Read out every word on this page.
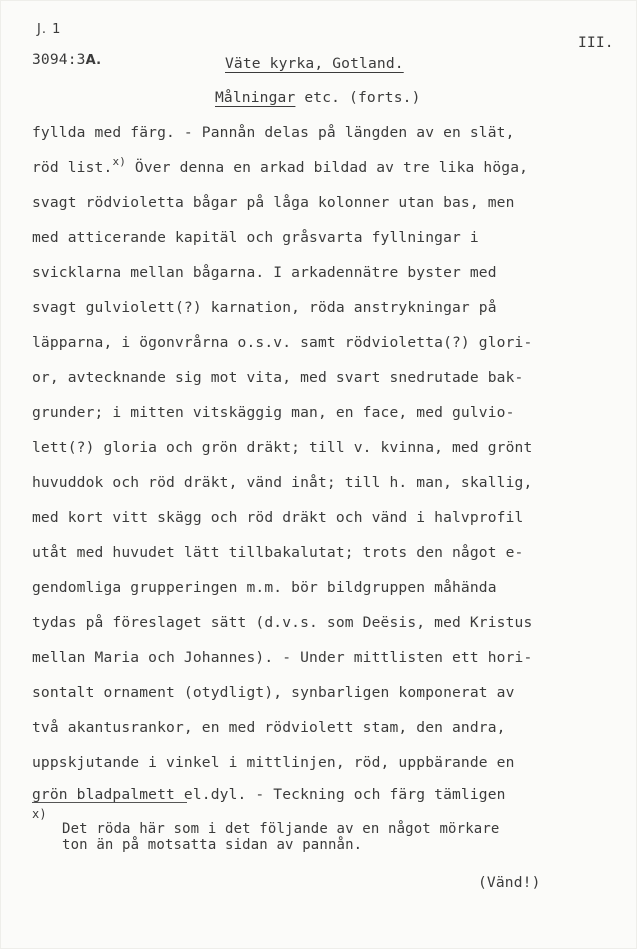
J. 1
3094:3A.	Väte kyrka, Gotland.
III.
Målningar etc. (forts.)
fyllda med färg. - Pannån delas på längden av en slät,
röd list.$^{x)}$ Över denna en arkad bildad av tre lika höga,
svagt rödvioletta bågar på låga kolonner utan bas, men
med atticerande kapitäl och gråsvarta fyllningar i
svicklarna mellan bågarna. I arkadennätre byster med
svagt gulviolett(?) karnation, röda anstrykningar på
läpparna, i ögonvrårna o.s.v. samt rödvioletta(?) glori-
or, avtecknande sig mot vita, med svart snedrutade bak-
grunder; i mitten vitskäggig man, en face, med gulvio-
lett(?) gloria och grön dräkt; till v. kvinna, med grönt
huvuddok och röd dräkt, vänd inåt; till h. man, skallig,
med kort vitt skägg och röd dräkt och vänd i halvprofil
utåt med huvudet lätt tillbakalutat; trots den något e-
gendomliga grupperingen m.m. bör bildgruppen måhända
tydas på föreslaget sätt (d.v.s. som Deësis, med Kristus
mellan Maria och Johannes). - Under mittlisten ett hori-
sontalt ornament (otydligt), synbarligen komponerat av
två akantusrankor, en med rödviolett stam, den andra,
uppskjutande i vinkel i mittlinjen, röd, uppbärande en
grön bladpalmett el.dyl. - Teckning och färg tämligen
x)
Det röda här som i det följande av en något mörkare
ton än på motsatta sidan av pannån.
(Vänd!)
